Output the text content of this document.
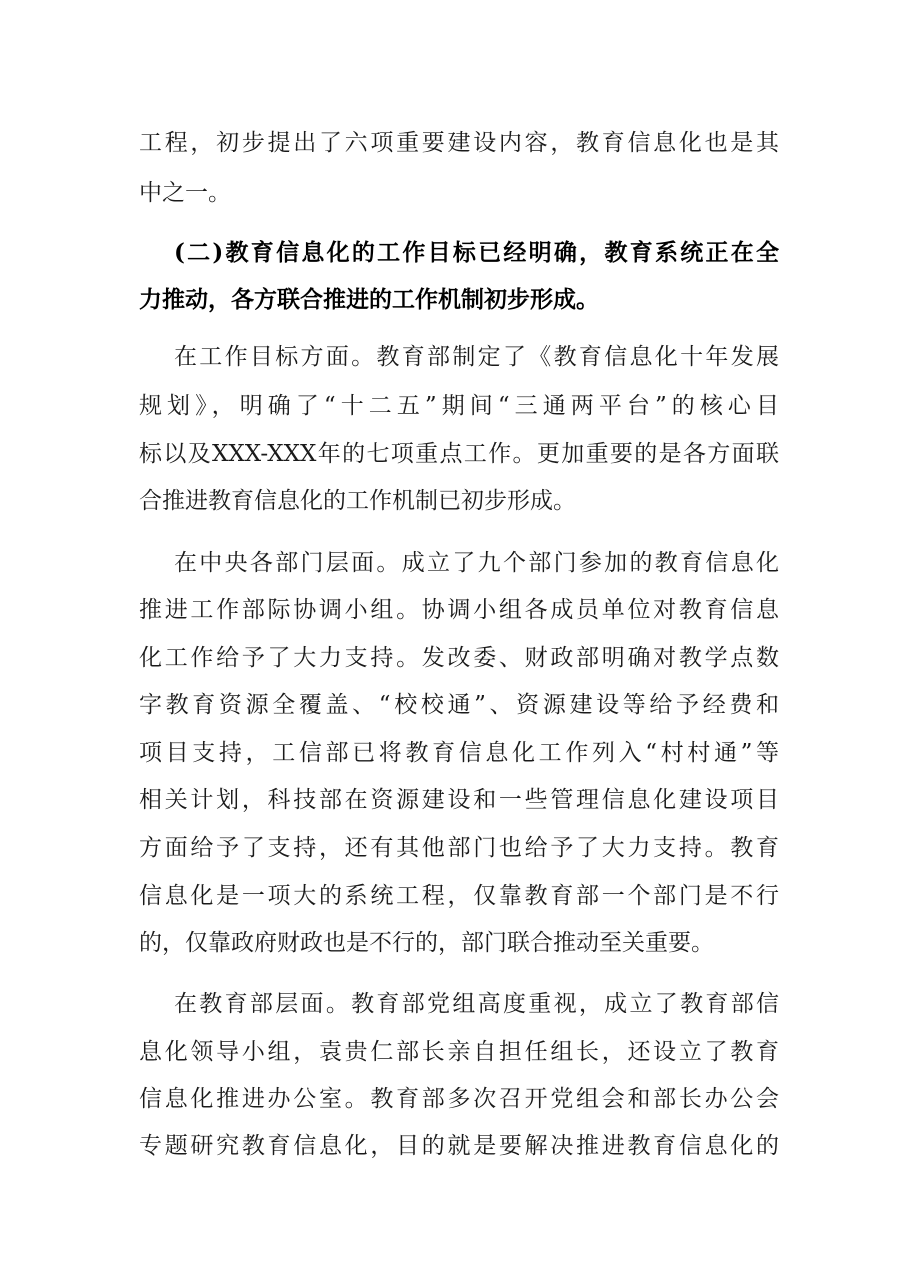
工程，初步提出了六项重要建设内容，教育信息化也是其
中之一。
(二)教育信息化的工作目标已经明确，教育系统正在全
力推动，各方联合推进的工作机制初步形成。
在工作目标方面。教育部制定了《教育信息化十年发展
规划》，明确了“十二五”期间“三通两平台”的核心目
标以及XXX-XXX年的七项重点工作。更加重要的是各方面联
合推进教育信息化的工作机制已初步形成。
在中央各部门层面。成立了九个部门参加的教育信息化
推进工作部际协调小组。协调小组各成员单位对教育信息
化工作给予了大力支持。发改委、财政部明确对教学点数
字教育资源全覆盖、“校校通”、资源建设等给予经费和
项目支持，工信部已将教育信息化工作列入“村村通”等
相关计划，科技部在资源建设和一些管理信息化建设项目
方面给予了支持，还有其他部门也给予了大力支持。教育
信息化是一项大的系统工程，仅靠教育部一个部门是不行
的，仅靠政府财政也是不行的，部门联合推动至关重要。
在教育部层面。教育部党组高度重视，成立了教育部信
息化领导小组，袁贵仁部长亲自担任组长，还设立了教育
信息化推进办公室。教育部多次召开党组会和部长办公会
专题研究教育信息化，目的就是要解决推进教育信息化的
